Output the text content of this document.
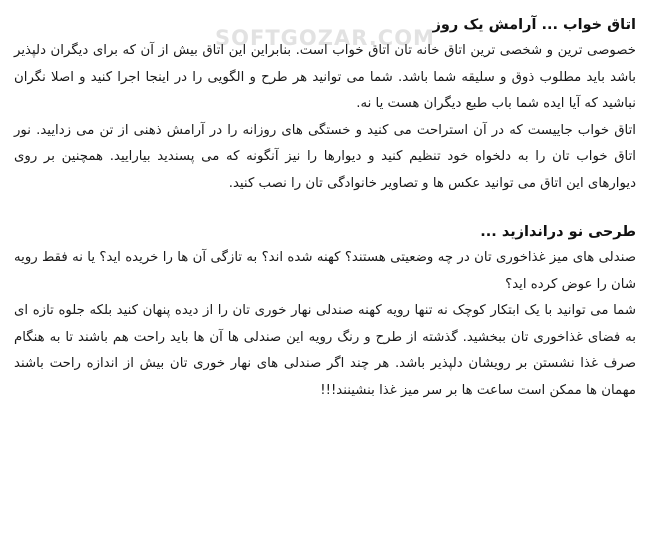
SOFTGOZAR.COM
اتاق خواب ... آرامش یک روز

خصوصی ترین و شخصی ترین اتاق خانه تان اتاق خواب است. بنابراین این اتاق بیش از آن که برای دیگران دلپذیر باشد باید مطلوب ذوق و سلیقه شما باشد. شما می توانید هر طرح و الگویی را در اینجا اجرا کنید و اصلا نگران نباشید که آیا ایده شما باب طبع دیگران هست یا نه.

اتاق خواب جاییست که در آن استراحت می کنید و خستگی های روزانه را در آرامش ذهنی از تن می زدایید. نور اتاق خواب تان را به دلخواه خود تنظیم کنید و دیوارها را نیز آنگونه که می پسندید بیارایید. همچنین بر روی دیوارهای این اتاق می توانید عکس ها و تصاویر خانوادگی تان را نصب کنید.

طرحی نو دراندازید ...

صندلی های میز غذاخوری تان در چه وضعیتی هستند؟ کهنه شده اند؟ به تازگی آن ها را خریده اید؟ یا نه فقط رویه شان را عوض کرده اید؟

شما می توانید با یک ابتکار کوچک نه تنها رویه کهنه صندلی نهار خوری تان را از دیده پنهان کنید بلکه جلوه تازه ای به فضای غذاخوری تان ببخشید. گذشته از طرح و رنگ رویه این صندلی ها آن ها باید راحت هم باشند تا به هنگام صرف غذا نشستن بر رویشان دلپذیر باشد. هر چند اگر صندلی های نهار خوری تان بیش از اندازه راحت باشند مهمان ها ممکن است ساعت ها بر سر میز غذا بنشینند!!!
